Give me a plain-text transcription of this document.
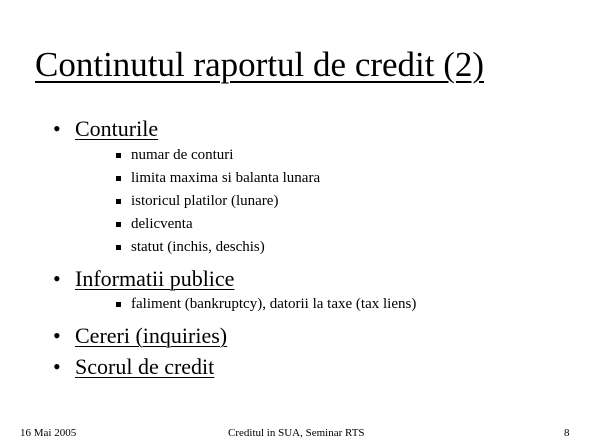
Continutul raportul de credit (2)
• Conturile
numar de conturi
limita maxima si balanta lunara
istoricul platilor (lunare)
delicventa
statut (inchis, deschis)
• Informatii publice
faliment (bankruptcy), datorii la taxe (tax liens)
• Cereri (inquiries)
• Scorul de credit
16 Mai 2005	Creditul in SUA, Seminar RTS	8
